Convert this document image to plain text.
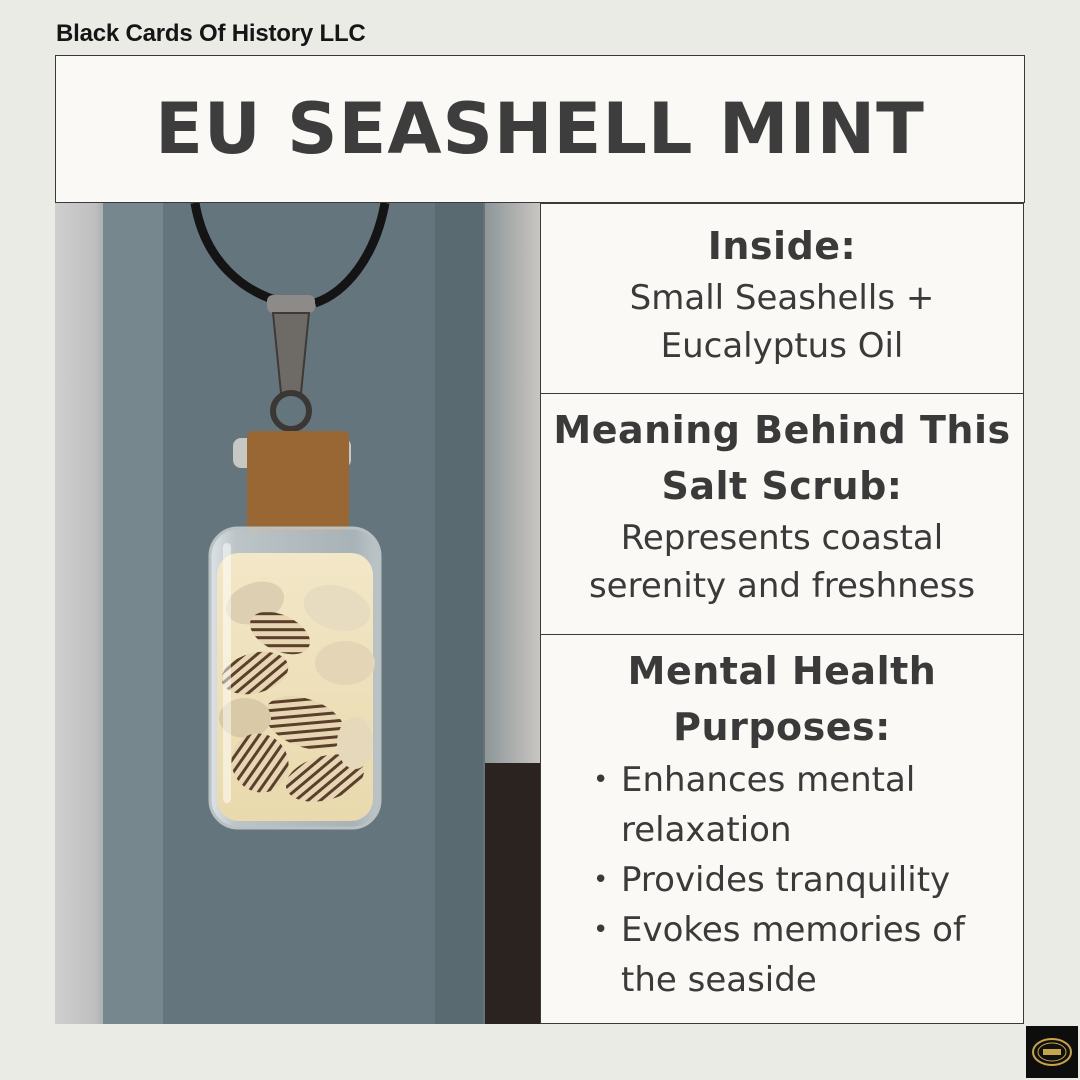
Black Cards Of History LLC
EU SEASHELL MINT
Inside:
Small Seashells +
Eucalyptus Oil
Meaning Behind This
Salt Scrub:
Represents coastal
serenity and freshness
Mental Health
Purposes:
• Enhances mental
relaxation
• Provides tranquility
• Evokes memories of
the seaside
